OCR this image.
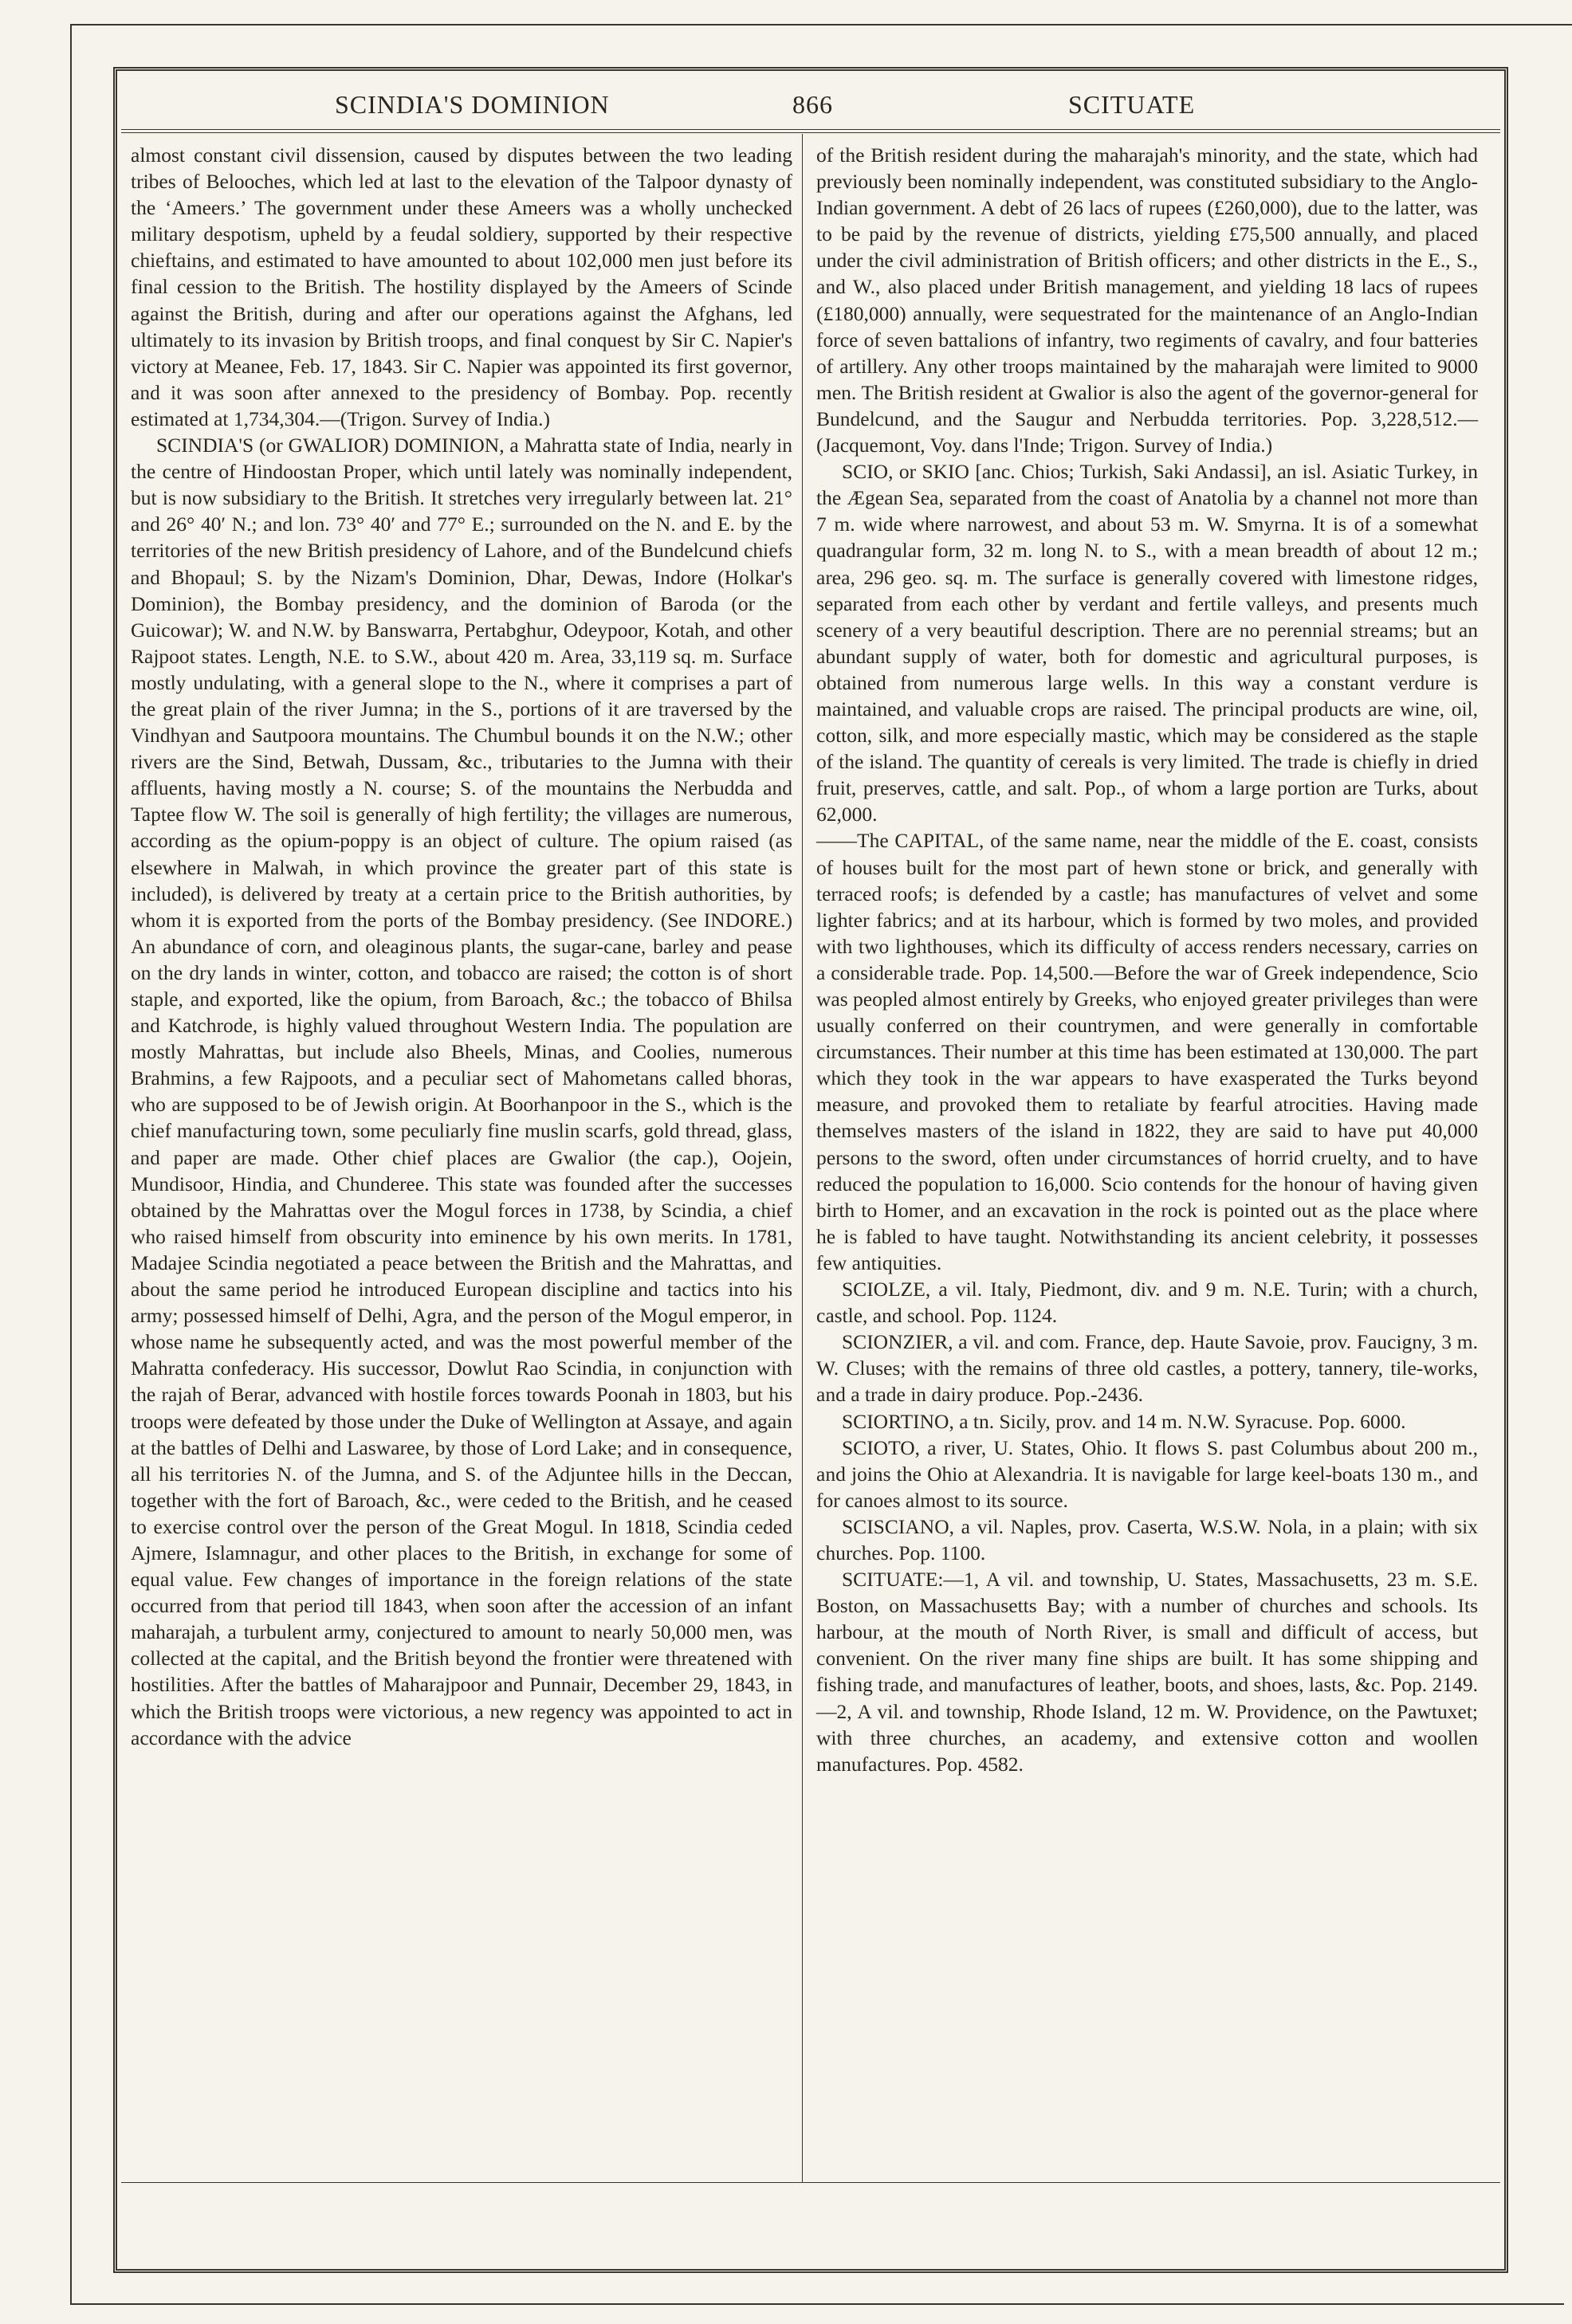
SCINDIA'S DOMINION	866	SCITUATE

almost constant civil dissension, caused by disputes between the two leading tribes of Belooches, which led at last to the elevation of the Talpoor dynasty of the ‘Ameers.’ The government under these Ameers was a wholly unchecked military despotism, upheld by a feudal soldiery, supported by their respective chieftains, and estimated to have amounted to about 102,000 men just before its final cession to the British. The hostility displayed by the Ameers of Scinde against the British, during and after our operations against the Afghans, led ultimately to its invasion by British troops, and final conquest by Sir C. Napier's victory at Meanee, Feb. 17, 1843. Sir C. Napier was appointed its first governor, and it was soon after annexed to the presidency of Bombay. Pop. recently estimated at 1,734,304.—(Trigon. Survey of India.)

SCINDIA'S (or GWALIOR) DOMINION, a Mahratta state of India, nearly in the centre of Hindoostan Proper, which until lately was nominally independent, but is now subsidiary to the British. It stretches very irregularly between lat. 21° and 26° 40′ N.; and lon. 73° 40′ and 77° E.; surrounded on the N. and E. by the territories of the new British presidency of Lahore, and of the Bundelcund chiefs and Bhopaul; S. by the Nizam's Dominion, Dhar, Dewas, Indore (Holkar's Dominion), the Bombay presidency, and the dominion of Baroda (or the Guicowar); W. and N.W. by Banswarra, Pertabghur, Odeypoor, Kotah, and other Rajpoot states. Length, N.E. to S.W., about 420 m. Area, 33,119 sq. m. Surface mostly undulating, with a general slope to the N., where it comprises a part of the great plain of the river Jumna; in the S., portions of it are traversed by the Vindhyan and Sautpoora mountains. The Chumbul bounds it on the N.W.; other rivers are the Sind, Betwah, Dussam, &c., tributaries to the Jumna with their affluents, having mostly a N. course; S. of the mountains the Nerbudda and Taptee flow W. The soil is generally of high fertility; the villages are numerous, according as the opium-poppy is an object of culture. The opium raised (as elsewhere in Malwah, in which province the greater part of this state is included), is delivered by treaty at a certain price to the British authorities, by whom it is exported from the ports of the Bombay presidency. (See INDORE.) An abundance of corn, and oleaginous plants, the sugar-cane, barley and pease on the dry lands in winter, cotton, and tobacco are raised; the cotton is of short staple, and exported, like the opium, from Baroach, &c.; the tobacco of Bhilsa and Katchrode, is highly valued throughout Western India. The population are mostly Mahrattas, but include also Bheels, Minas, and Coolies, numerous Brahmins, a few Rajpoots, and a peculiar sect of Mahometans called bhoras, who are supposed to be of Jewish origin. At Boorhanpoor in the S., which is the chief manufacturing town, some peculiarly fine muslin scarfs, gold thread, glass, and paper are made. Other chief places are Gwalior (the cap.), Oojein, Mundisoor, Hindia, and Chunderee. This state was founded after the successes obtained by the Mahrattas over the Mogul forces in 1738, by Scindia, a chief who raised himself from obscurity into eminence by his own merits. In 1781, Madajee Scindia negotiated a peace between the British and the Mahrattas, and about the same period he introduced European discipline and tactics into his army; possessed himself of Delhi, Agra, and the person of the Mogul emperor, in whose name he subsequently acted, and was the most powerful member of the Mahratta confederacy. His successor, Dowlut Rao Scindia, in conjunction with the rajah of Berar, advanced with hostile forces towards Poonah in 1803, but his troops were defeated by those under the Duke of Wellington at Assaye, and again at the battles of Delhi and Laswaree, by those of Lord Lake; and in consequence, all his territories N. of the Jumna, and S. of the Adjuntee hills in the Deccan, together with the fort of Baroach, &c., were ceded to the British, and he ceased to exercise control over the person of the Great Mogul. In 1818, Scindia ceded Ajmere, Islamnagur, and other places to the British, in exchange for some of equal value. Few changes of importance in the foreign relations of the state occurred from that period till 1843, when soon after the accession of an infant maharajah, a turbulent army, conjectured to amount to nearly 50,000 men, was collected at the capital, and the British beyond the frontier were threatened with hostilities. After the battles of Maharajpoor and Punnair, December 29, 1843, in which the British troops were victorious, a new regency was appointed to act in accordance with the advice

of the British resident during the maharajah's minority, and the state, which had previously been nominally independent, was constituted subsidiary to the Anglo-Indian government. A debt of 26 lacs of rupees (£260,000), due to the latter, was to be paid by the revenue of districts, yielding £75,500 annually, and placed under the civil administration of British officers; and other districts in the E., S., and W., also placed under British management, and yielding 18 lacs of rupees (£180,000) annually, were sequestrated for the maintenance of an Anglo-Indian force of seven battalions of infantry, two regiments of cavalry, and four batteries of artillery. Any other troops maintained by the maharajah were limited to 9000 men. The British resident at Gwalior is also the agent of the governor-general for Bundelcund, and the Saugur and Nerbudda territories. Pop. 3,228,512.—(Jacquemont, Voy. dans l'Inde; Trigon. Survey of India.)

SCIO, or SKIO [anc. Chios; Turkish, Saki Andassi], an isl. Asiatic Turkey, in the Ægean Sea, separated from the coast of Anatolia by a channel not more than 7 m. wide where narrowest, and about 53 m. W. Smyrna. It is of a somewhat quadrangular form, 32 m. long N. to S., with a mean breadth of about 12 m.; area, 296 geo. sq. m. The surface is generally covered with limestone ridges, separated from each other by verdant and fertile valleys, and presents much scenery of a very beautiful description. There are no perennial streams; but an abundant supply of water, both for domestic and agricultural purposes, is obtained from numerous large wells. In this way a constant verdure is maintained, and valuable crops are raised. The principal products are wine, oil, cotton, silk, and more especially mastic, which may be considered as the staple of the island. The quantity of cereals is very limited. The trade is chiefly in dried fruit, preserves, cattle, and salt. Pop., of whom a large portion are Turks, about 62,000.

——The CAPITAL, of the same name, near the middle of the E. coast, consists of houses built for the most part of hewn stone or brick, and generally with terraced roofs; is defended by a castle; has manufactures of velvet and some lighter fabrics; and at its harbour, which is formed by two moles, and provided with two lighthouses, which its difficulty of access renders necessary, carries on a considerable trade. Pop. 14,500.—Before the war of Greek independence, Scio was peopled almost entirely by Greeks, who enjoyed greater privileges than were usually conferred on their countrymen, and were generally in comfortable circumstances. Their number at this time has been estimated at 130,000. The part which they took in the war appears to have exasperated the Turks beyond measure, and provoked them to retaliate by fearful atrocities. Having made themselves masters of the island in 1822, they are said to have put 40,000 persons to the sword, often under circumstances of horrid cruelty, and to have reduced the population to 16,000. Scio contends for the honour of having given birth to Homer, and an excavation in the rock is pointed out as the place where he is fabled to have taught. Notwithstanding its ancient celebrity, it possesses few antiquities.

SCIOLZE, a vil. Italy, Piedmont, div. and 9 m. N.E. Turin; with a church, castle, and school. Pop. 1124.

SCIONZIER, a vil. and com. France, dep. Haute Savoie, prov. Faucigny, 3 m. W. Cluses; with the remains of three old castles, a pottery, tannery, tile-works, and a trade in dairy produce. Pop.-2436.

SCIORTINO, a tn. Sicily, prov. and 14 m. N.W. Syracuse. Pop. 6000.

SCIOTO, a river, U. States, Ohio. It flows S. past Columbus about 200 m., and joins the Ohio at Alexandria. It is navigable for large keel-boats 130 m., and for canoes almost to its source.

SCISCIANO, a vil. Naples, prov. Caserta, W.S.W. Nola, in a plain; with six churches. Pop. 1100.

SCITUATE:—1, A vil. and township, U. States, Massachusetts, 23 m. S.E. Boston, on Massachusetts Bay; with a number of churches and schools. Its harbour, at the mouth of North River, is small and difficult of access, but convenient. On the river many fine ships are built. It has some shipping and fishing trade, and manufactures of leather, boots, and shoes, lasts, &c. Pop. 2149.—2, A vil. and township, Rhode Island, 12 m. W. Providence, on the Pawtuxet; with three churches, an academy, and extensive cotton and woollen manufactures. Pop. 4582.
